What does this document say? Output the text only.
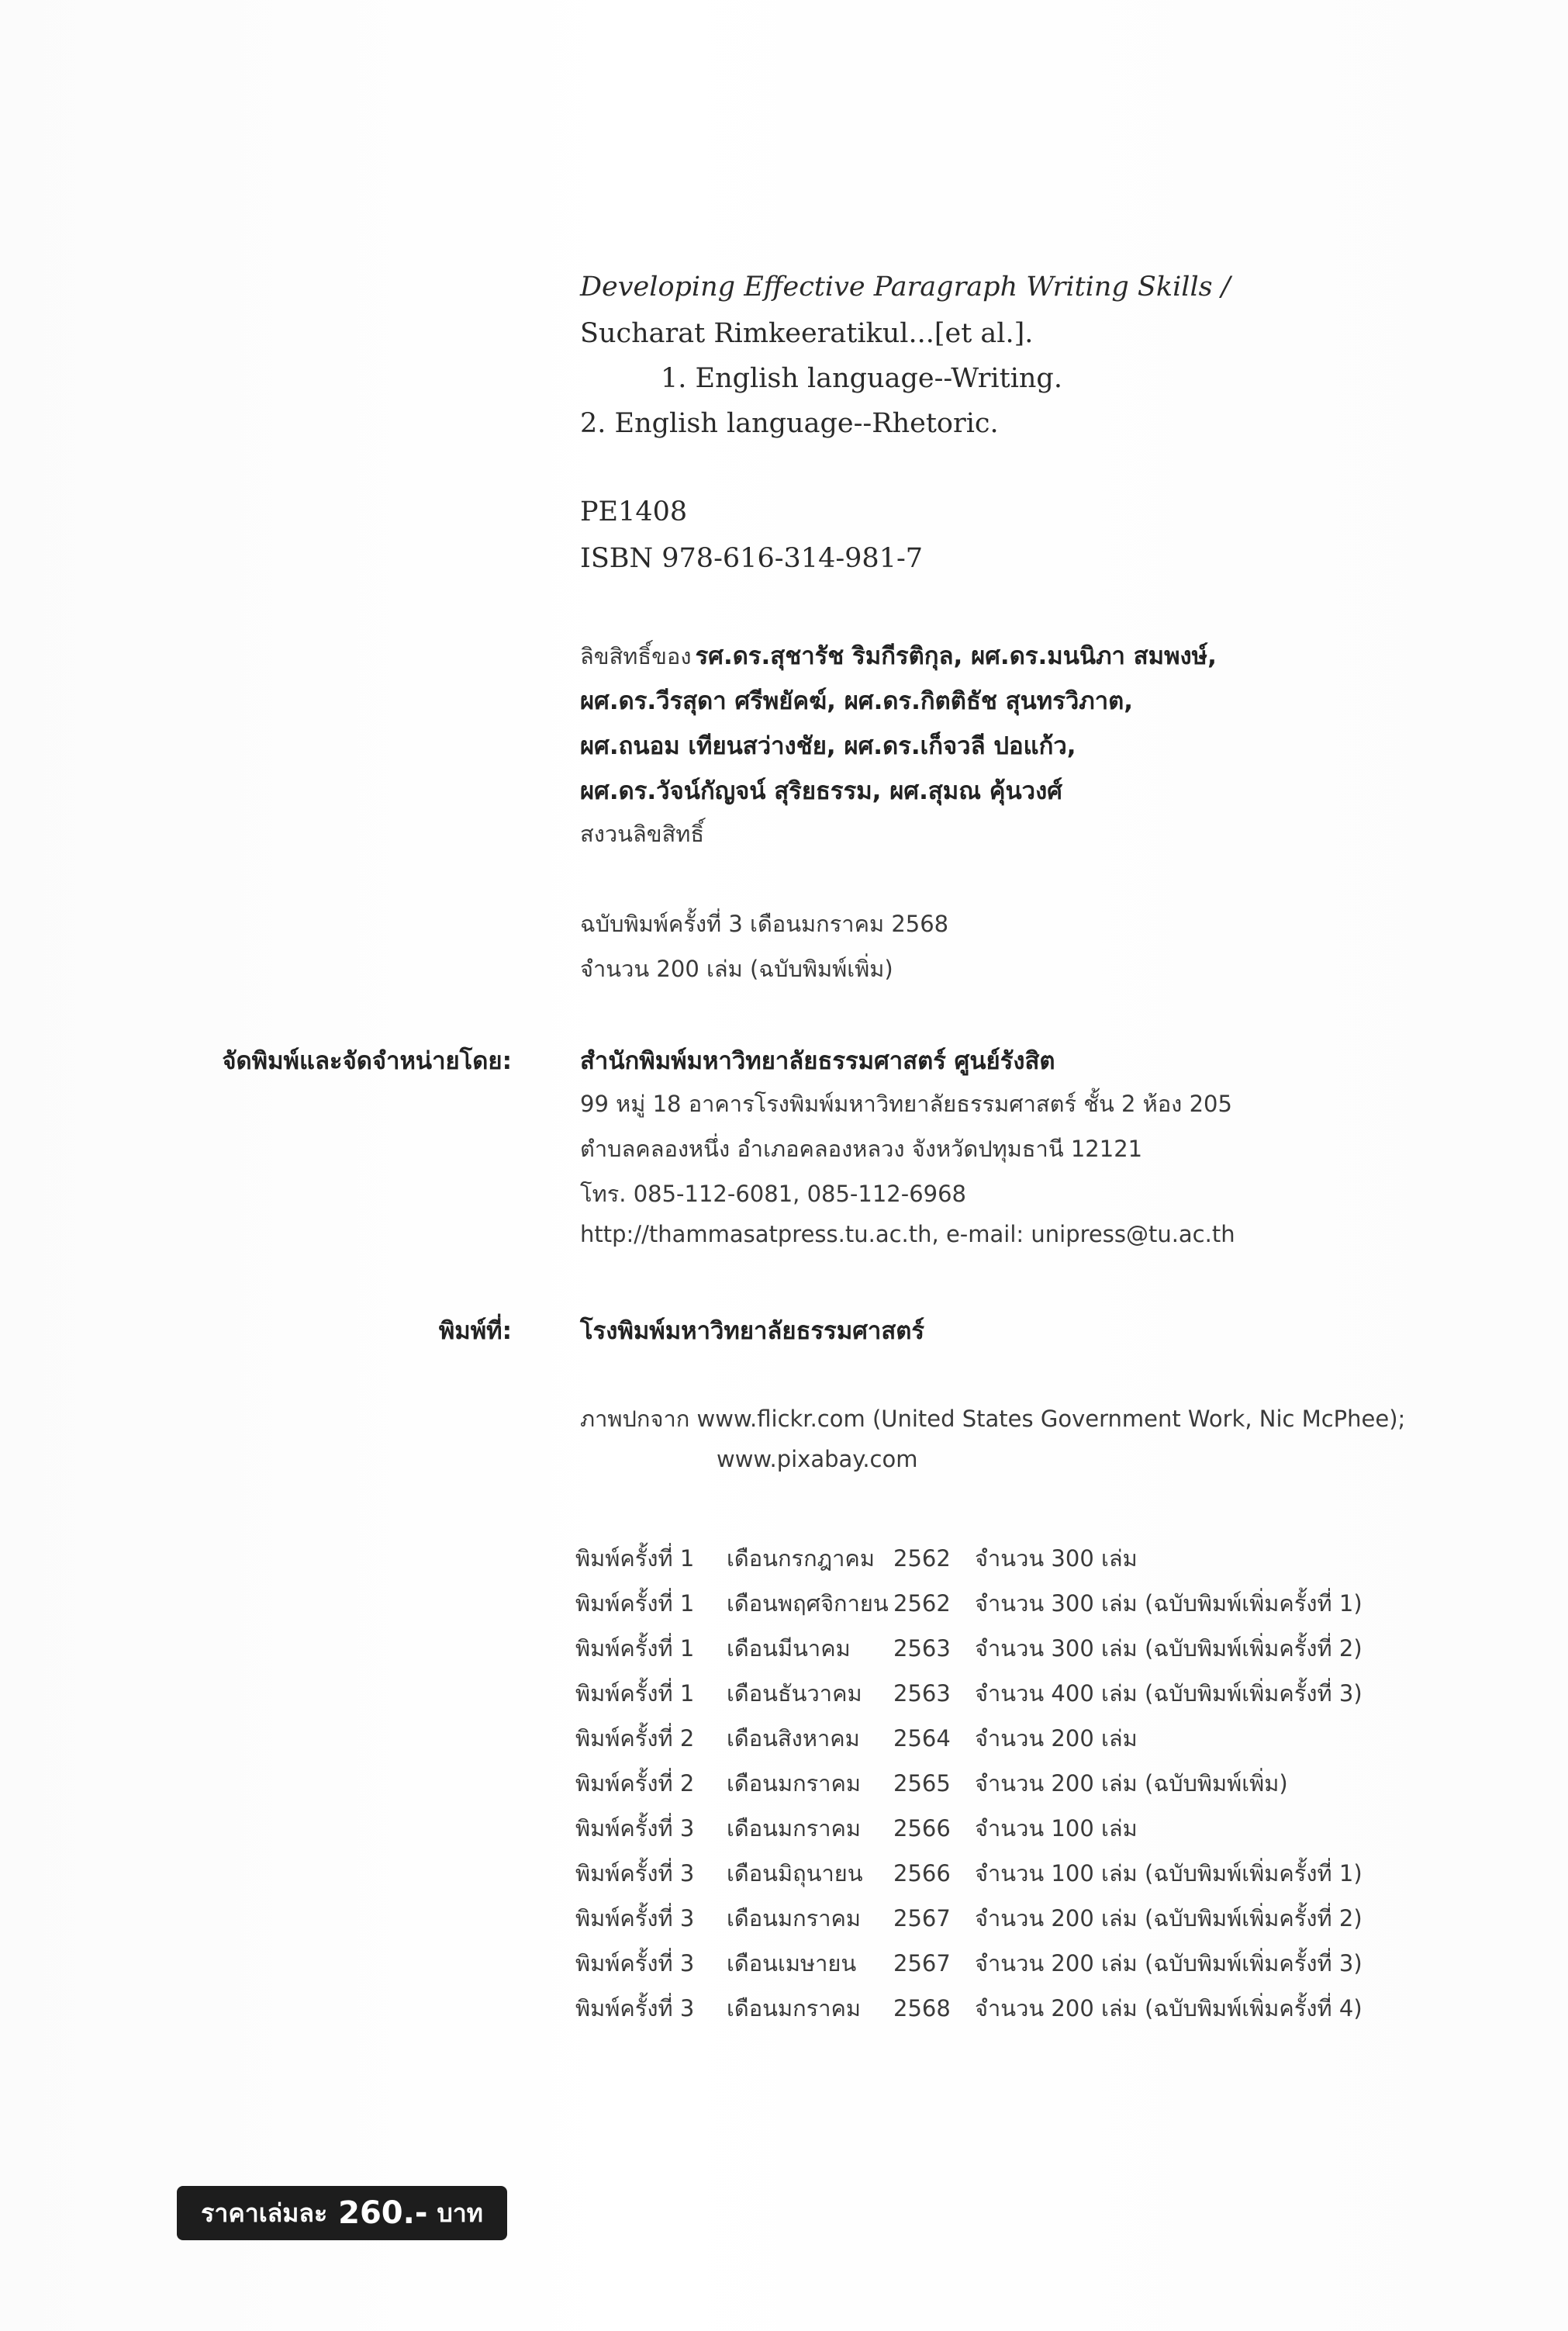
Developing Effective Paragraph Writing Skills /
Sucharat Rimkeeratikul...[et al.].
1. English language--Writing.
2. English language--Rhetoric.
PE1408
ISBN 978-616-314-981-7
ลิขสิทธิ์ของ รศ.ดร.สุชารัช ริมกีรติกุล, ผศ.ดร.มนนิภา สมพงษ์,
ผศ.ดร.วีรสุดา ศรีพยัคฆ์, ผศ.ดร.กิตติธัช สุนทรวิภาต,
ผศ.ถนอม เทียนสว่างชัย, ผศ.ดร.เก็จวลี ปอแก้ว,
ผศ.ดร.วัจน์กัญจน์ สุริยธรรม, ผศ.สุมณ คุ้นวงศ์
สงวนลิขสิทธิ์
ฉบับพิมพ์ครั้งที่ 3 เดือนมกราคม 2568
จำนวน 200 เล่ม (ฉบับพิมพ์เพิ่ม)
จัดพิมพ์และจัดจำหน่ายโดย:	สำนักพิมพ์มหาวิทยาลัยธรรมศาสตร์ ศูนย์รังสิต
99 หมู่ 18 อาคารโรงพิมพ์มหาวิทยาลัยธรรมศาสตร์ ชั้น 2 ห้อง 205
ตำบลคลองหนึ่ง อำเภอคลองหลวง จังหวัดปทุมธานี 12121
โทร. 085-112-6081, 085-112-6968
http://thammasatpress.tu.ac.th, e-mail: unipress@tu.ac.th
พิมพ์ที่:	โรงพิมพ์มหาวิทยาลัยธรรมศาสตร์
ภาพปกจาก www.flickr.com (United States Government Work, Nic McPhee);
www.pixabay.com
พิมพ์ครั้งที่ 1	เดือนกรกฎาคม	2562	จำนวน 300 เล่ม
พิมพ์ครั้งที่ 1	เดือนพฤศจิกายน	2562	จำนวน 300 เล่ม (ฉบับพิมพ์เพิ่มครั้งที่ 1)
พิมพ์ครั้งที่ 1	เดือนมีนาคม	2563	จำนวน 300 เล่ม (ฉบับพิมพ์เพิ่มครั้งที่ 2)
พิมพ์ครั้งที่ 1	เดือนธันวาคม	2563	จำนวน 400 เล่ม (ฉบับพิมพ์เพิ่มครั้งที่ 3)
พิมพ์ครั้งที่ 2	เดือนสิงหาคม	2564	จำนวน 200 เล่ม
พิมพ์ครั้งที่ 2	เดือนมกราคม	2565	จำนวน 200 เล่ม (ฉบับพิมพ์เพิ่ม)
พิมพ์ครั้งที่ 3	เดือนมกราคม	2566	จำนวน 100 เล่ม
พิมพ์ครั้งที่ 3	เดือนมิถุนายน	2566	จำนวน 100 เล่ม (ฉบับพิมพ์เพิ่มครั้งที่ 1)
พิมพ์ครั้งที่ 3	เดือนมกราคม	2567	จำนวน 200 เล่ม (ฉบับพิมพ์เพิ่มครั้งที่ 2)
พิมพ์ครั้งที่ 3	เดือนเมษายน	2567	จำนวน 200 เล่ม (ฉบับพิมพ์เพิ่มครั้งที่ 3)
พิมพ์ครั้งที่ 3	เดือนมกราคม	2568	จำนวน 200 เล่ม (ฉบับพิมพ์เพิ่มครั้งที่ 4)
ราคาเล่มละ 260.- บาท
